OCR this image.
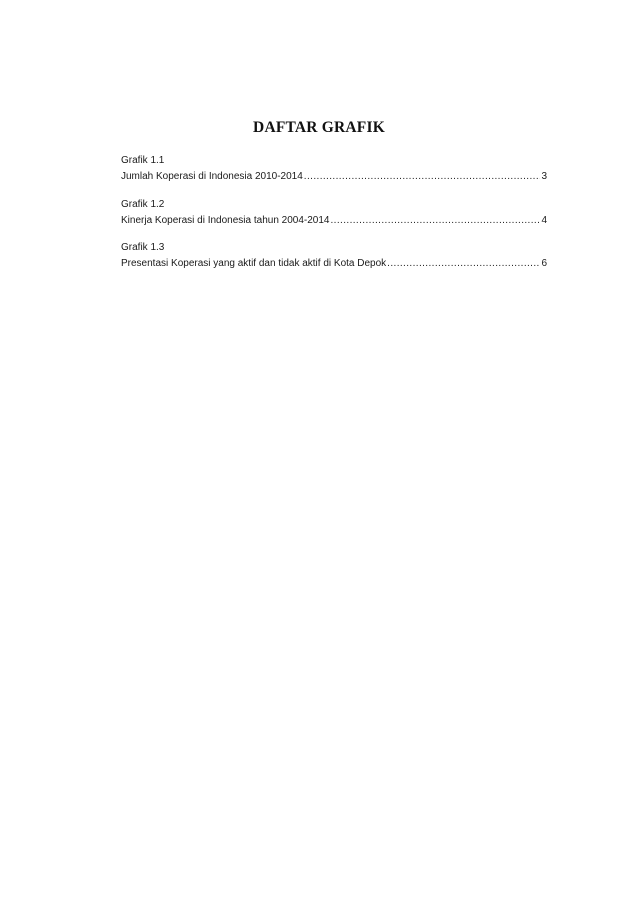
DAFTAR GRAFIK
Grafik 1.1
Jumlah Koperasi di Indonesia 2010-2014 .....	3
Grafik 1.2
Kinerja Koperasi di Indonesia tahun 2004-2014 .....	4
Grafik 1.3
Presentasi Koperasi yang aktif dan tidak aktif di Kota Depok .....	6
